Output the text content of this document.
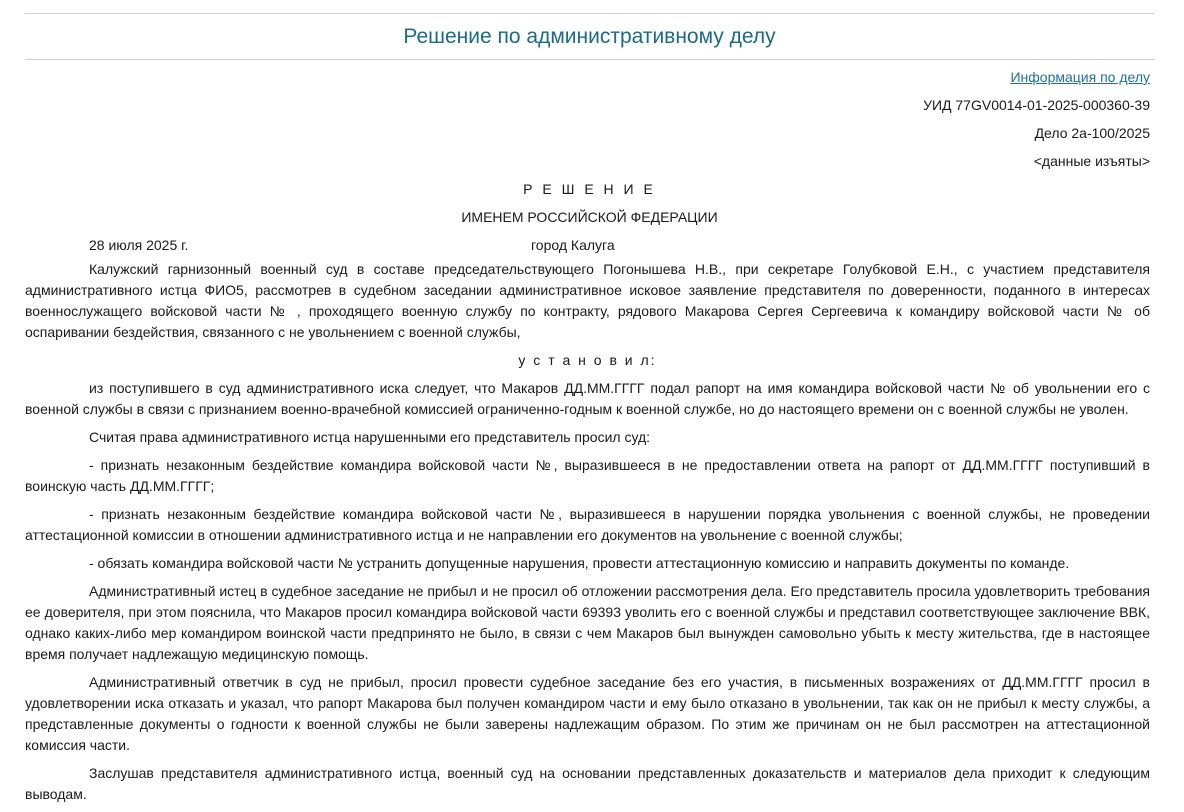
Решение по административному делу
Информация по делу
УИД 77GV0014-01-2025-000360-39
Дело 2а-100/2025
<данные изъяты>
Р Е Ш Е Н И Е
ИМЕНЕМ РОССИЙСКОЙ ФЕДЕРАЦИИ
28 июля 2025 г.	город Калуга

Калужский гарнизонный военный суд в составе председательствующего Погонышева Н.В., при секретаре Голубковой Е.Н., с участием представителя административного истца ФИО5, рассмотрев в судебном заседании административное исковое заявление представителя по доверенности, поданного в интересах военнослужащего войсковой части № , проходящего военную службу по контракту, рядового Макарова Сергея Сергеевича к командиру войсковой части № об оспаривании бездействия, связанного с не увольнением с военной службы,

у с т а н о в и л:

из поступившего в суд административного иска следует, что Макаров ДД.ММ.ГГГГ подал рапорт на имя командира войсковой части № об увольнении его с военной службы в связи с признанием военно-врачебной комиссией ограниченно-годным к военной службе, но до настоящего времени он с военной службы не уволен.

Считая права административного истца нарушенными его представитель просил суд:

- признать незаконным бездействие командира войсковой части №, выразившееся в не предоставлении ответа на рапорт от ДД.ММ.ГГГГ поступивший в воинскую часть ДД.ММ.ГГГГ;

- признать незаконным бездействие командира войсковой части №, выразившееся в нарушении порядка увольнения с военной службы, не проведении аттестационной комиссии в отношении административного истца и не направлении его документов на увольнение с военной службы;

- обязать командира войсковой части № устранить допущенные нарушения, провести аттестационную комиссию и направить документы по команде.

Административный истец в судебное заседание не прибыл и не просил об отложении рассмотрения дела. Его представитель просила удовлетворить требования ее доверителя, при этом пояснила, что Макаров просил командира войсковой части 69393 уволить его с военной службы и представил соответствующее заключение ВВК, однако каких-либо мер командиром воинской части предпринято не было, в связи с чем Макаров был вынужден самовольно убыть к месту жительства, где в настоящее время получает надлежащую медицинскую помощь.

Административный ответчик в суд не прибыл, просил провести судебное заседание без его участия, в письменных возражениях от ДД.ММ.ГГГГ просил в удовлетворении иска отказать и указал, что рапорт Макарова был получен командиром части и ему было отказано в увольнении, так как он не прибыл к месту службы, а представленные документы о годности к военной службы не были заверены надлежащим образом. По этим же причинам он не был рассмотрен на аттестационной комиссия части.

Заслушав представителя административного истца, военный суд на основании представленных доказательств и материалов дела приходит к следующим выводам.
